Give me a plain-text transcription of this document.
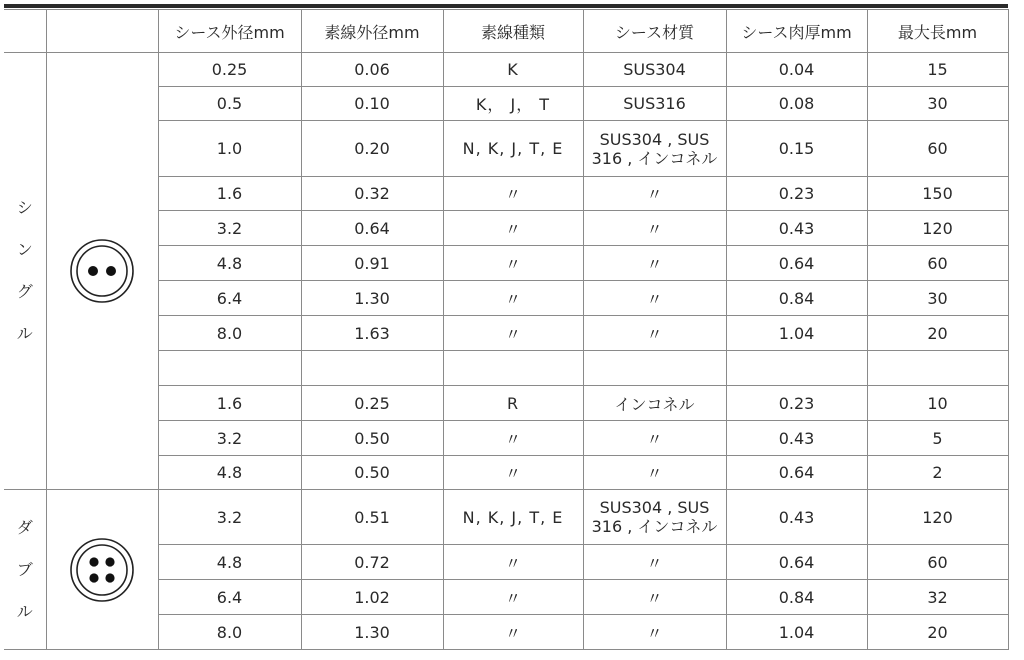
		シース外径mm	素線外径mm	素線種類	シース材質	シース肉厚mm	最大長mm

シ
ン
グ
ル		0.25	0.06	K	SUS304	0.04	15
		0.5	0.10	K， J， T	SUS316	0.08	30
		1.0	0.20	N, K, J, T, E	SUS304 , SUS
316 , インコネル	0.15	60
		1.6	0.32	〃	〃	0.23	150
		3.2	0.64	〃	〃	0.43	120
		4.8	0.91	〃	〃	0.64	60
		6.4	1.30	〃	〃	0.84	30
		8.0	1.63	〃	〃	1.04	20

		1.6	0.25	R	インコネル	0.23	10
		3.2	0.50	〃	〃	0.43	5
		4.8	0.50	〃	〃	0.64	2

ダ
ブ
ル		3.2	0.51	N, K, J, T, E	SUS304 , SUS
316 , インコネル	0.43	120
		4.8	0.72	〃	〃	0.64	60
		6.4	1.02	〃	〃	0.84	32
		8.0	1.30	〃	〃	1.04	20
